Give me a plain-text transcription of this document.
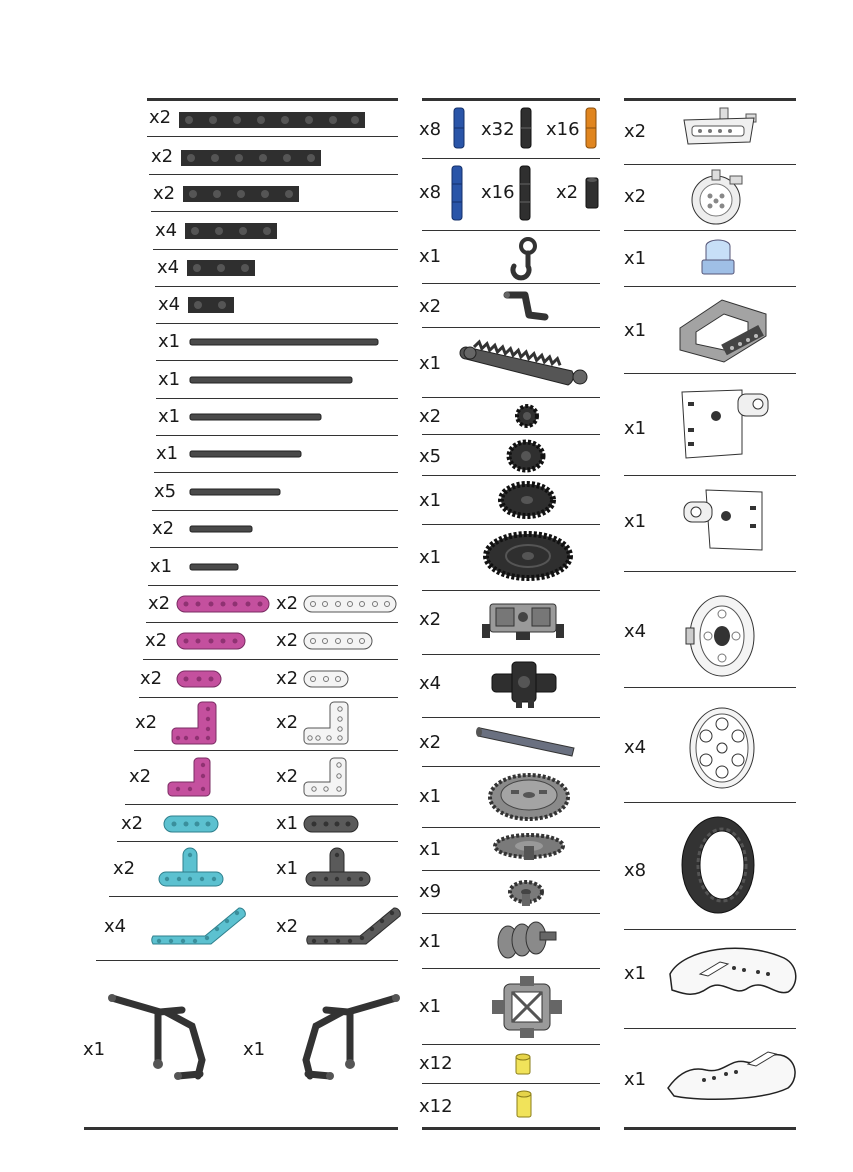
x2
x2
x2
x4
x4
x4
x1
x1
x1
x1
x5
x2
x1
x2	x2
x2	x2
x2	x2
x2	x2
x2	x2
x2	x1
x2	x1
x4	x2
x1	x1
x8 x32 x16
x8 x16 x2
x1
x2
x1
x2
x5
x1
x1
x2
x4
x2
x1
x1
x9
x1
x1
x12
x12
x2
x2
x1
x1
x1
x1
x4
x4
x8
x1
x1
